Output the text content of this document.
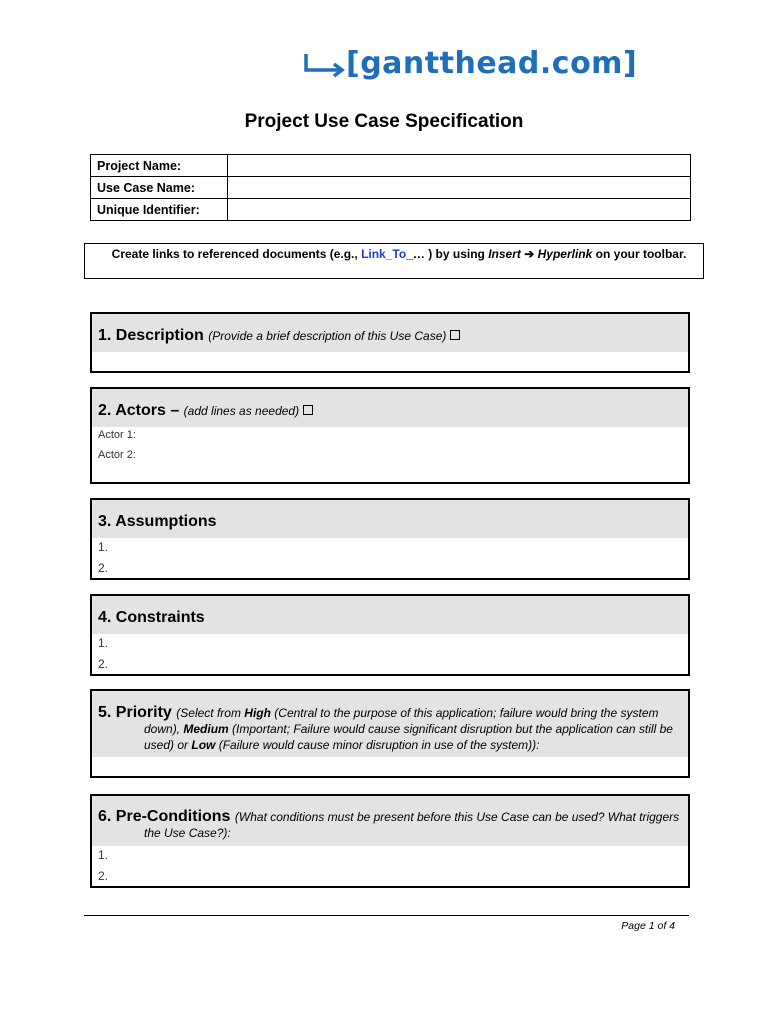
[gantthead.com]
Project Use Case Specification
Project Name:	
Use Case Name:	
Unique Identifier:	
Create links to referenced documents (e.g., Link_To_… ) by using Insert ➔ Hyperlink on your toolbar.
1. Description (Provide a brief description of this Use Case)
2. Actors – (add lines as needed)
Actor 1:
Actor 2:
3. Assumptions
1.
2.
4. Constraints
1.
2.
5. Priority (Select from High (Central to the purpose of this application; failure would bring the system down), Medium (Important; Failure would cause significant disruption but the application can still be used) or Low (Failure would cause minor disruption in use of the system)):
6. Pre-Conditions (What conditions must be present before this Use Case can be used? What triggers the Use Case?):
1.
2.
Page 1 of 4
